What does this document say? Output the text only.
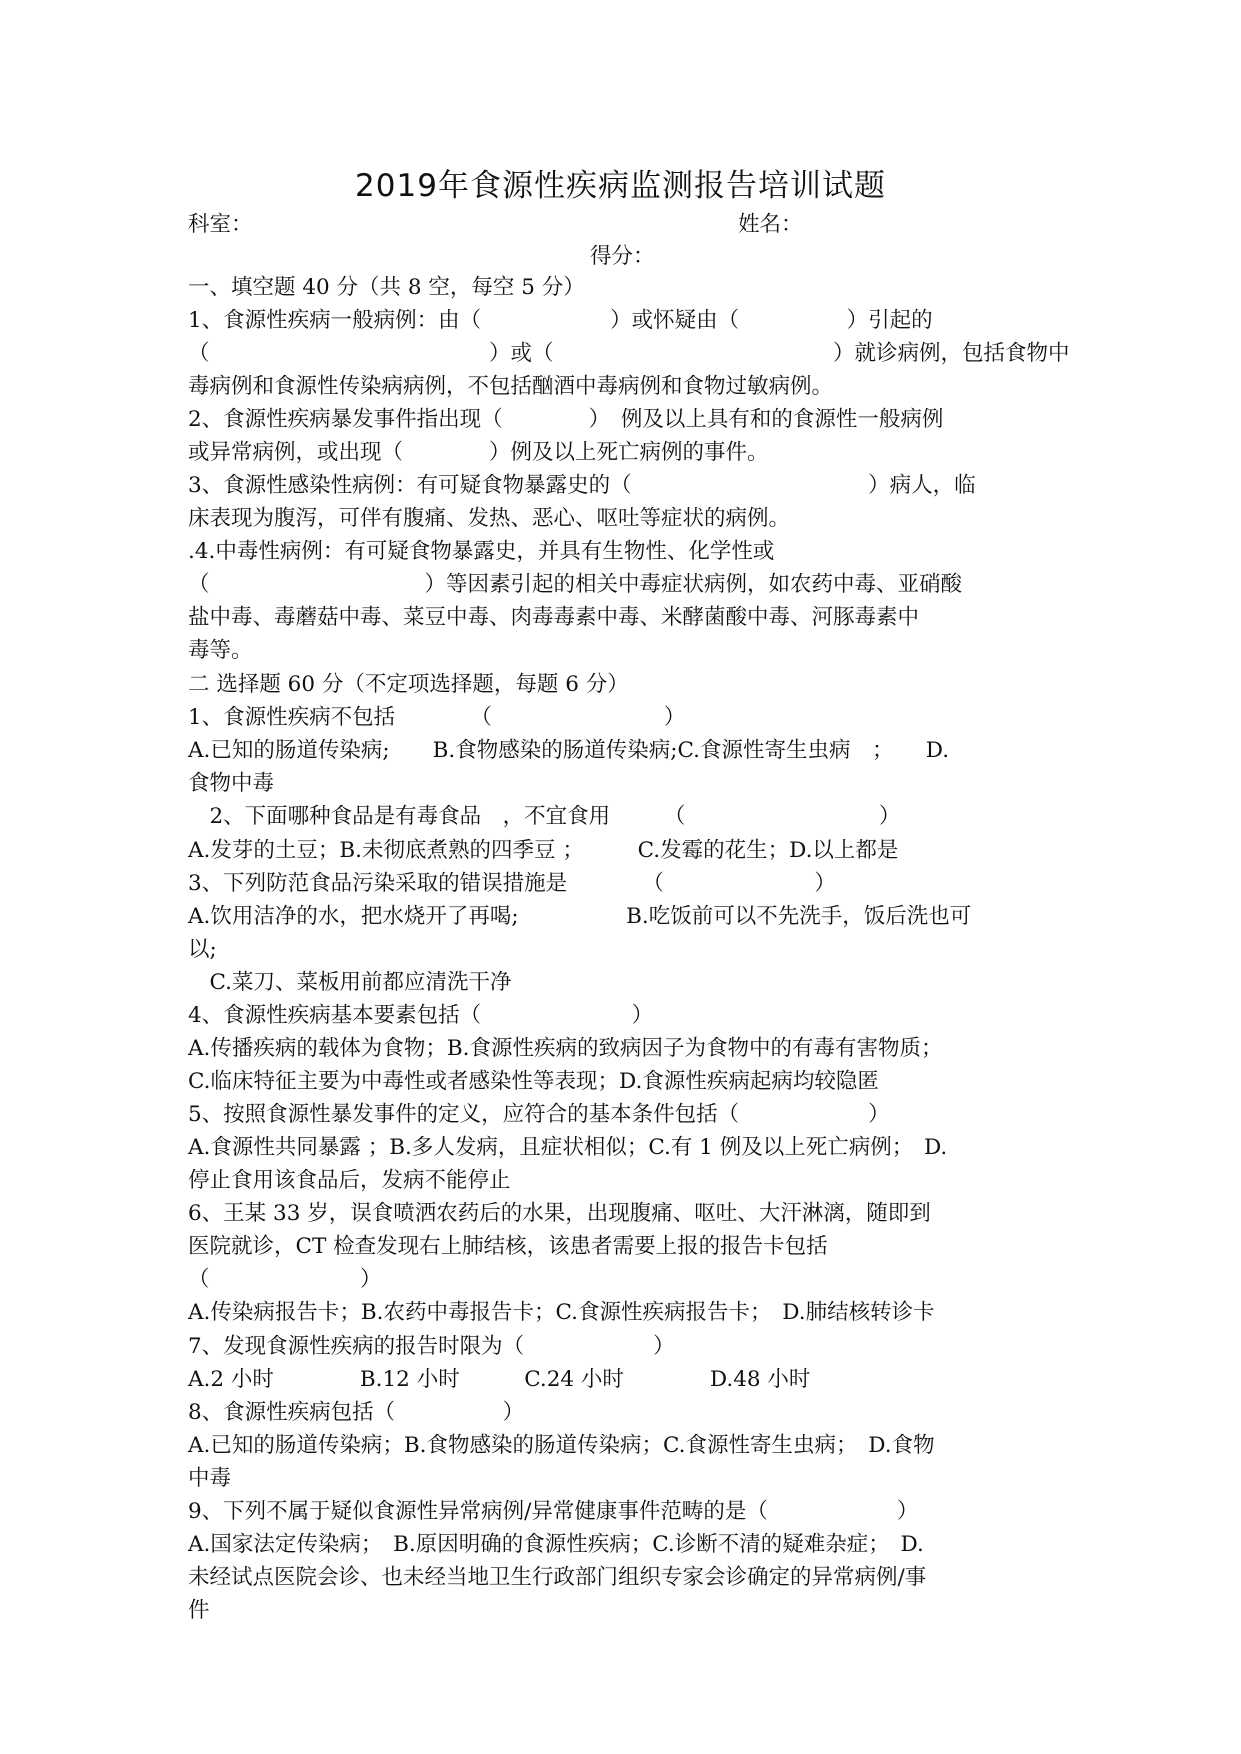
2019年食源性疾病监测报告培训试题
科室：	姓名：
得分：
一、填空题 40 分（共 8 空，每空 5 分）
1、食源性疾病一般病例：由（　　　　　　）或怀疑由（　　　　　）引起的
（　　　　　　　　　　　　　）或（　　　　　　　　　　　　　）就诊病例，包括食物中
毒病例和食源性传染病病例，不包括酗酒中毒病例和食物过敏病例。
2、食源性疾病暴发事件指出现（　　　　）　例及以上具有和的食源性一般病例
或异常病例，或出现（　　　　）例及以上死亡病例的事件。
3、食源性感染性病例：有可疑食物暴露史的（　　　　　　　　　　　）病人，临
床表现为腹泻，可伴有腹痛、发热、恶心、呕吐等症状的病例。
.4.中毒性病例：有可疑食物暴露史，并具有生物性、化学性或
（　　　　　　　　　　）等因素引起的相关中毒症状病例，如农药中毒、亚硝酸
盐中毒、毒蘑菇中毒、菜豆中毒、肉毒毒素中毒、米酵菌酸中毒、河豚毒素中
毒等。
二 选择题 60 分（不定项选择题，每题 6 分）
1、食源性疾病不包括　　　　（　　　　　　　　）
A.已知的肠道传染病;　　B.食物感染的肠道传染病;C.食源性寄生虫病　；　　D.
食物中毒
　2、下面哪种食品是有毒食品　，不宜食用　　　（　　　　　　　　　）
A.发芽的土豆；B.未彻底煮熟的四季豆 ；　　　C.发霉的花生；D.以上都是
3、下列防范食品污染采取的错误措施是　　　　（　　　　　　　）
A.饮用洁净的水，把水烧开了再喝;　　　　　B.吃饭前可以不先洗手，饭后洗也可
以;
　C.菜刀、菜板用前都应清洗干净
4、食源性疾病基本要素包括（　　　　　　　）
A.传播疾病的载体为食物；B.食源性疾病的致病因子为食物中的有毒有害物质；
C.临床特征主要为中毒性或者感染性等表现；D.食源性疾病起病均较隐匿
5、按照食源性暴发事件的定义，应符合的基本条件包括（　　　　　　）
A.食源性共同暴露 ；B.多人发病，且症状相似；C.有 1 例及以上死亡病例；　D.
停止食用该食品后，发病不能停止
6、王某 33 岁，误食喷洒农药后的水果，出现腹痛、呕吐、大汗淋漓，随即到
医院就诊，CT 检查发现右上肺结核，该患者需要上报的报告卡包括
（　　　　　　　）
A.传染病报告卡；B.农药中毒报告卡；C.食源性疾病报告卡；　D.肺结核转诊卡
7、发现食源性疾病的报告时限为（　　　　　　）
A.2 小时　　　　B.12 小时　　　C.24 小时　　　　D.48 小时
8、食源性疾病包括（　　　　　）
A.已知的肠道传染病；B.食物感染的肠道传染病；C.食源性寄生虫病；　D.食物
中毒
9、下列不属于疑似食源性异常病例/异常健康事件范畴的是（　　　　　　）
A.国家法定传染病；　B.原因明确的食源性疾病；C.诊断不清的疑难杂症；　D.
未经试点医院会诊、也未经当地卫生行政部门组织专家会诊确定的异常病例/事
件
